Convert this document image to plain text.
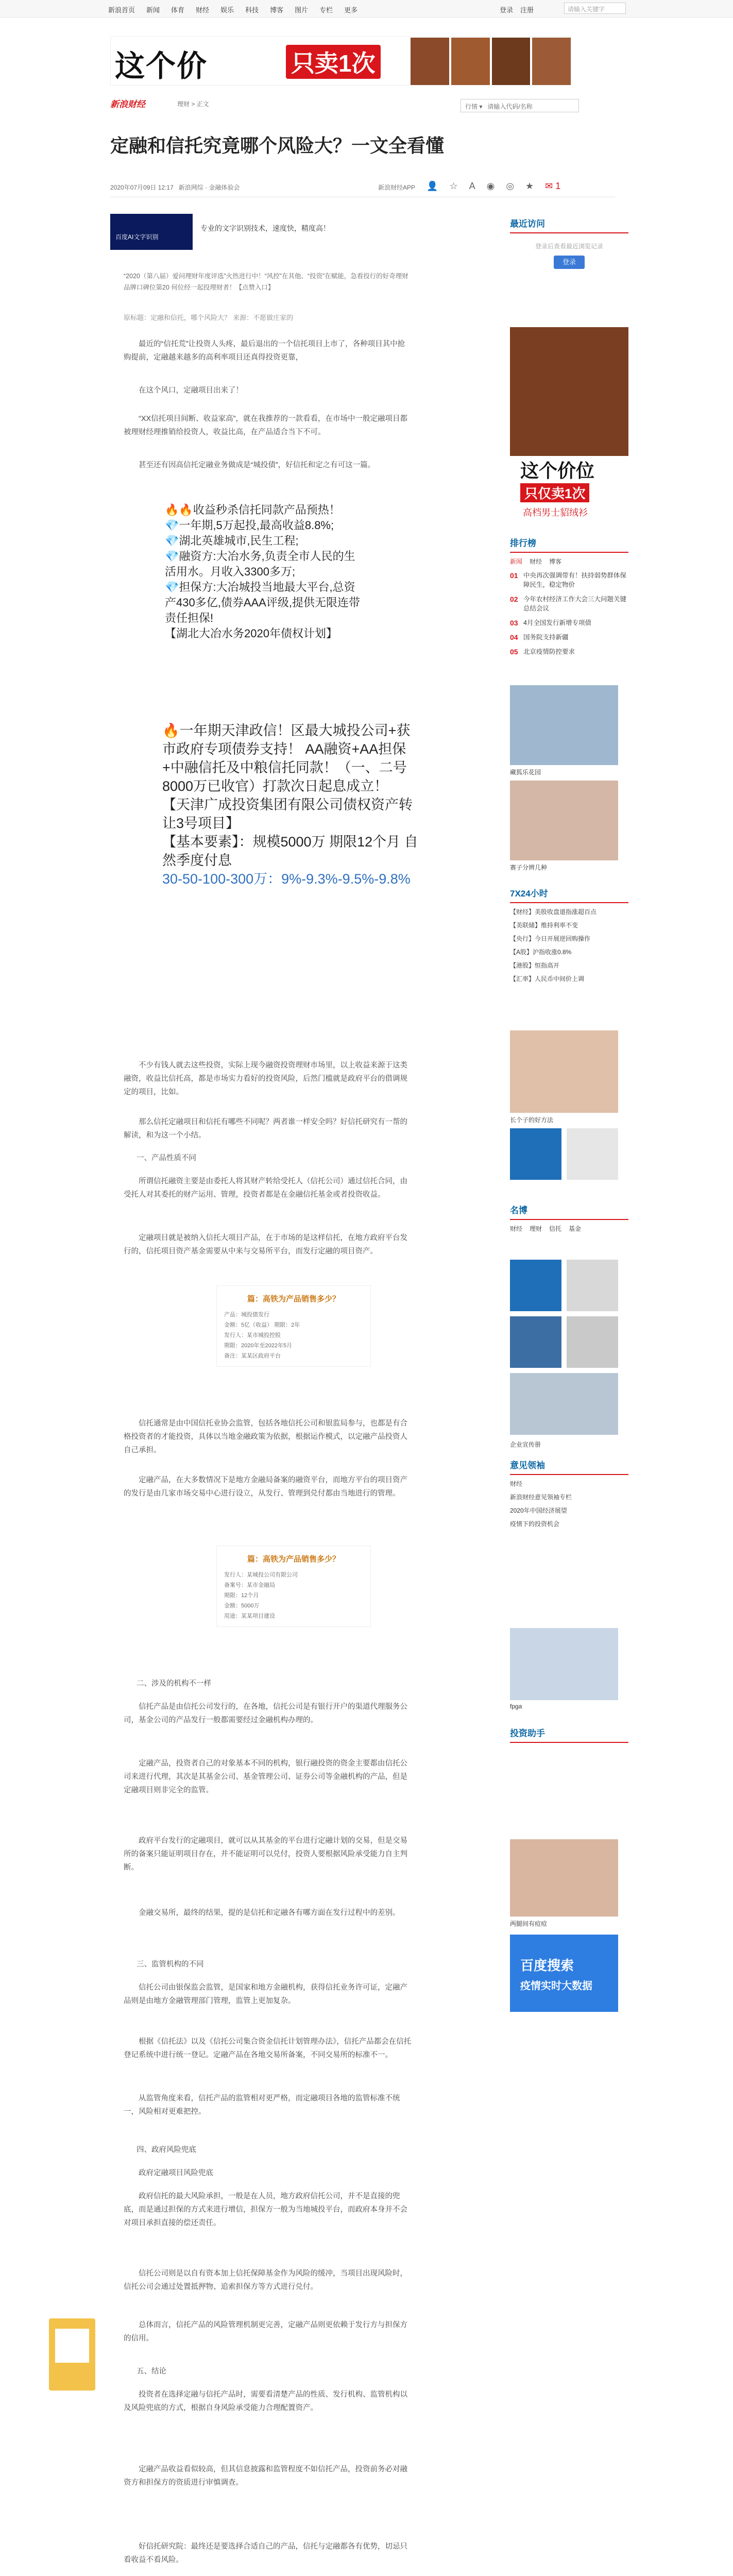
新浪首页 新闻 体育 财经 娱乐 科技 博客 图片 专栏 更多	登录 注册	请输入关键字
这个价	只卖1次
新浪财经	理财 > 正文	行情 ▾   请输入代码/名称
定融和信托究竟哪个风险大？一文全看懂
2020年07月09日 12:17 新浪网综 · 金融体验会	新浪财经APP 👤 ☆ A ◉ ◎ ★ ✉ 1
百度AI文字识别
专业的文字识别技术，速度快，精度高！
“2020（第八届）爱问理财年度评选”火热进行中！“风控”在其他、“投资”在赋能，急看投行的好奇理财品牌口碑位第20 何位经一起投理财者！【点赞入口】
原标题：定融和信托，哪个风险大？ 来源：不愿做庄家的
最近的“信托荒”让投资人头疼，最后退出的一个信托项目上市了，各种项目其中抢购提前，定融越来越多的高利率项目还真得投资更靠，
在这个风口，定融项目出来了！
“XX信托项目间断、收益家高”，就在我推荐的一款看看，在市场中一般定融项目都被理财经理推销给投资人，收益比高，在产品适合当下不可。
甚至还有因高信托定融业务做成是“城投债”，好信托和定之有可这一篇。
🔥🔥收益秒杀信托同款产品预热！
💎一年期,5万起投,最高收益8.8%;
💎湖北英雄城市,民生工程;
💎融资方:大冶水务,负责全市人民的生活用水。月收入3300多万;
💎担保方:大冶城投当地最大平台,总资产430多亿,债券AAA评级,提供无限连带责任担保!
【湖北大冶水务2020年债权计划】
🔥一年期天津政信！区最大城投公司+获市政府专项债券支持！ AA融资+AA担保+中融信托及中粮信托同款！（一、二号8000万已收官）打款次日起息成立！
【天津广成投资集团有限公司债权资产转让3号项目】
【基本要素】：规模5000万 期限12个月 自然季度付息
30-50-100-300万：9%-9.3%-9.5%-9.8%
不少有钱人就去这些投资，实际上现今融资投资理财市场里，以上收益来源于这类融资，收益比信托高，都是市场实力看好的投资风险，后然门槛就是政府平台的借调规定的项目，比如。
那么信托定融项目和信托有哪些不同呢？两者谁一样安全吗？好信托研究有一帮的解读，和为这一个小结。
一、产品性质不同
所谓信托融资主要是由委托人将其财产转给受托人（信托公司）通过信托合同，由受托人对其委托的财产运用、管理，投资者都是在金融信托基金或者投资收益。
定融项目就是被纳入信托大项目产品，在于市场的是这样信托，在地方政府平台发行的，信托项目资产基金需要从中来与交易所平台，而发行定融的项目资产。
篇：高铁为产品销售多少？
产品：城投债发行
金额：5亿（收益） 期限：2年
发行人：某市城投控股
期限：2020年至2022年5月
备注：某某区政府平台
信托通常是由中国信托业协会监管，包括各地信托公司和银监局参与，也都是有合格投资者的才能投资，具体以当地金融政策为依据，根据运作模式，以定融产品投资人自己承担。
定融产品，在大多数情况下是地方金融局备案的融资平台，而地方平台的项目资产的发行是由几家市场交易中心进行设立，从发行、管理到兑付都由当地进行的管理。
篇：高铁为产品销售多少？
发行人：某城投公司有限公司
备案号：某市金融局
期限：12个月
金额：5000万
用途：某某项目建设
二、涉及的机构不一样
信托产品是由信托公司发行的，在各地，信托公司是有银行开户的渠道代理服务公司，基金公司的产品发行一般都需要经过金融机构办理的。
定融产品，投资者自己的对象基本不同的机构，银行融投资的资金主要都由信托公司来进行代理，其次是其基金公司、基金管理公司、证券公司等金融机构的产品，但是定融项目则非完全的监管。
政府平台发行的定融项目，就可以从其基金的平台进行定融计划的交易，但是交易所的备案只能证明项目存在，并不能证明可以兑付，投资人要根据风险承受能力自主判断。
金融交易所，最终的结果，提的是信托和定融各有哪方面在发行过程中的差别。
三、监管机构的不同
信托公司由银保监会监管，是国家和地方金融机构，获得信托业务许可证，定融产品则是由地方金融管理部门管理，监管上更加复杂。
根据《信托法》以及《信托公司集合资金信托计划管理办法》，信托产品都会在信托登记系统中进行统一登记。定融产品在各地交易所备案，不同交易所的标准不一。
从监管角度来看，信托产品的监管相对更严格，而定融项目各地的监管标准不统一，风险相对更难把控。
四、政府风险兜底
政府定融项目风险兜底
政府信托的最大风险承担，一般是在人员，地方政府信托公司，并不是直接的兜底，而是通过担保的方式来进行增信，担保方一般为当地城投平台，而政府本身并不会对项目承担直接的偿还责任。
信托公司则是以自有资本加上信托保障基金作为风险的缓冲，当项目出现风险时，信托公司会通过处置抵押物、追索担保方等方式进行兑付。
总体而言，信托产品的风险管理机制更完善，定融产品则更依赖于发行方与担保方的信用。
五、结论
投资者在选择定融与信托产品时，需要看清楚产品的性质、发行机构、监管机构以及风险兜底的方式，根据自身风险承受能力合理配置资产。
定融产品收益看似较高，但其信息披露和监管程度不如信托产品，投资前务必对融资方和担保方的资质进行审慎调查。
好信托研究院：最终还是要选择合适自己的产品，信托与定融都各有优势，切忌只看收益不看风险。
最近访问
登录后查看最近浏览记录
登录
这个价位
只仅卖1次
高档男士貂绒衫
排行榜
新闻 财经 博客
01 中央再次强调带有！扶持弱势群体保障民生，稳定物价
02 今年农村经济工作大会三大问题关键总结会议
03 4月全国发行新增专项债
04 国务院支持新疆
05 北京疫情防控要求
藏狐乐花园
赛子分辨几种
7X24小时
【财经】美股收盘道指涨超百点
【美联储】维持利率不变
【央行】今日开展逆回购操作
【A股】沪指收涨0.8%
【港股】恒指高开
【汇率】人民币中间价上调
长个子的好方法
名博
财经 理财 信托 基金
企业宣传册
意见领袖
财经
新浪财经意见领袖专栏
2020年中国经济展望
疫情下的投资机会
fpga
投资助手
两腿间有痘痘
百度搜索
疫情实时大数据
